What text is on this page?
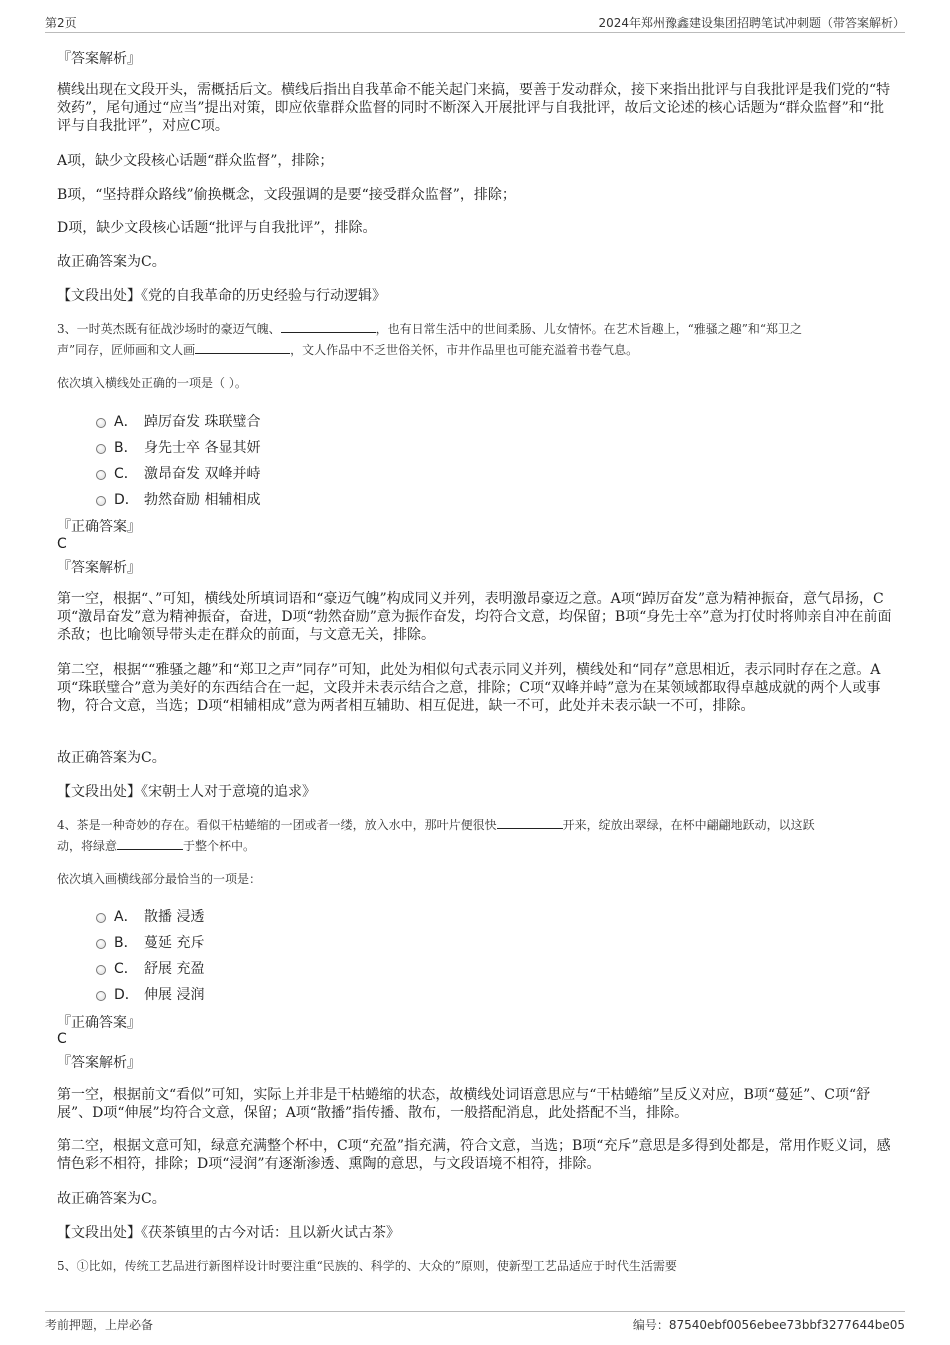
第2页	2024年郑州豫鑫建设集团招聘笔试冲刺题（带答案解析）
『答案解析』
横线出现在文段开头，需概括后文。横线后指出自我革命不能关起门来搞，要善于发动群众，接下来指出批评与自我批评是我们党的“特效药”，尾句通过“应当”提出对策，即应依靠群众监督的同时不断深入开展批评与自我批评，故后文论述的核心话题为“群众监督”和“批评与自我批评”，对应C项。
A项，缺少文段核心话题“群众监督”，排除；
B项，“坚持群众路线”偷换概念，文段强调的是要“接受群众监督”，排除；
D项，缺少文段核心话题“批评与自我批评”，排除。
故正确答案为C。
【文段出处】《党的自我革命的历史经验与行动逻辑》
3、一时英杰既有征战沙场时的豪迈气魄、	，也有日常生活中的世间柔肠、儿女情怀。在艺术旨趣上，“雅骚之趣”和“郑卫之
声”同存，匠师画和文人画	，文人作品中不乏世俗关怀，市井作品里也可能充溢着书卷气息。
依次填入横线处正确的一项是（ ）。
A． 踔厉奋发 珠联璧合
B． 身先士卒 各显其妍
C． 激昂奋发 双峰并峙
D． 勃然奋励 相辅相成
『正确答案』
C
『答案解析』
第一空，根据“、”可知，横线处所填词语和“豪迈气魄”构成同义并列，表明激昂豪迈之意。A项“踔厉奋发”意为精神振奋，意气昂扬，C项“激昂奋发”意为精神振奋，奋进，D项“勃然奋励”意为振作奋发，均符合文意，均保留；B项“身先士卒”意为打仗时将帅亲自冲在前面杀敌；也比喻领导带头走在群众的前面，与文意无关，排除。
第二空，根据““雅骚之趣”和“郑卫之声”同存”可知，此处为相似句式表示同义并列，横线处和“同存”意思相近，表示同时存在之意。A项“珠联璧合”意为美好的东西结合在一起，文段并未表示结合之意，排除；C项“双峰并峙”意为在某领域都取得卓越成就的两个人或事物，符合文意，当选；D项“相辅相成”意为两者相互辅助、相互促进，缺一不可，此处并未表示缺一不可，排除。
故正确答案为C。
【文段出处】《宋朝士人对于意境的追求》
4、茶是一种奇妙的存在。看似干枯蜷缩的一团或者一缕，放入水中，那叶片便很快	开来，绽放出翠绿，在杯中翩翩地跃动，以这跃
动，将绿意	于整个杯中。
依次填入画横线部分最恰当的一项是：
A． 散播 浸透
B． 蔓延 充斥
C． 舒展 充盈
D． 伸展 浸润
『正确答案』
C
『答案解析』
第一空，根据前文“看似”可知，实际上并非是干枯蜷缩的状态，故横线处词语意思应与“干枯蜷缩”呈反义对应，B项“蔓延”、C项“舒展”、D项“伸展”均符合文意，保留；A项“散播”指传播、散布，一般搭配消息，此处搭配不当，排除。
第二空，根据文意可知，绿意充满整个杯中，C项“充盈”指充满，符合文意，当选；B项“充斥”意思是多得到处都是，常用作贬义词，感情色彩不相符，排除；D项“浸润”有逐渐渗透、熏陶的意思，与文段语境不相符，排除。
故正确答案为C。
【文段出处】《茯茶镇里的古今对话：且以新火试古茶》
5、①比如，传统工艺品进行新图样设计时要注重“民族的、科学的、大众的”原则，使新型工艺品适应于时代生活需要
考前押题，上岸必备	编号：87540ebf0056ebee73bbf3277644be05
